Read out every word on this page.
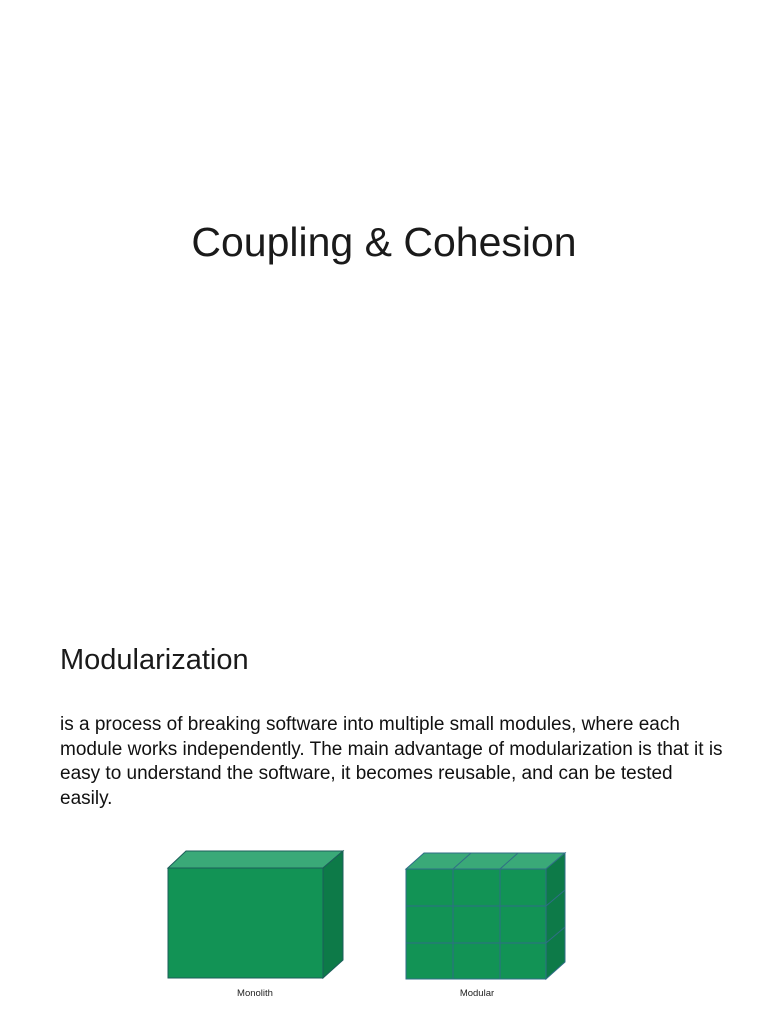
Coupling & Cohesion
Modularization

is a process of breaking software into multiple small modules, where each module works independently. The main advantage of modularization is that it is easy to understand the software, it becomes reusable, and can be tested easily.

Monolith	Modular
